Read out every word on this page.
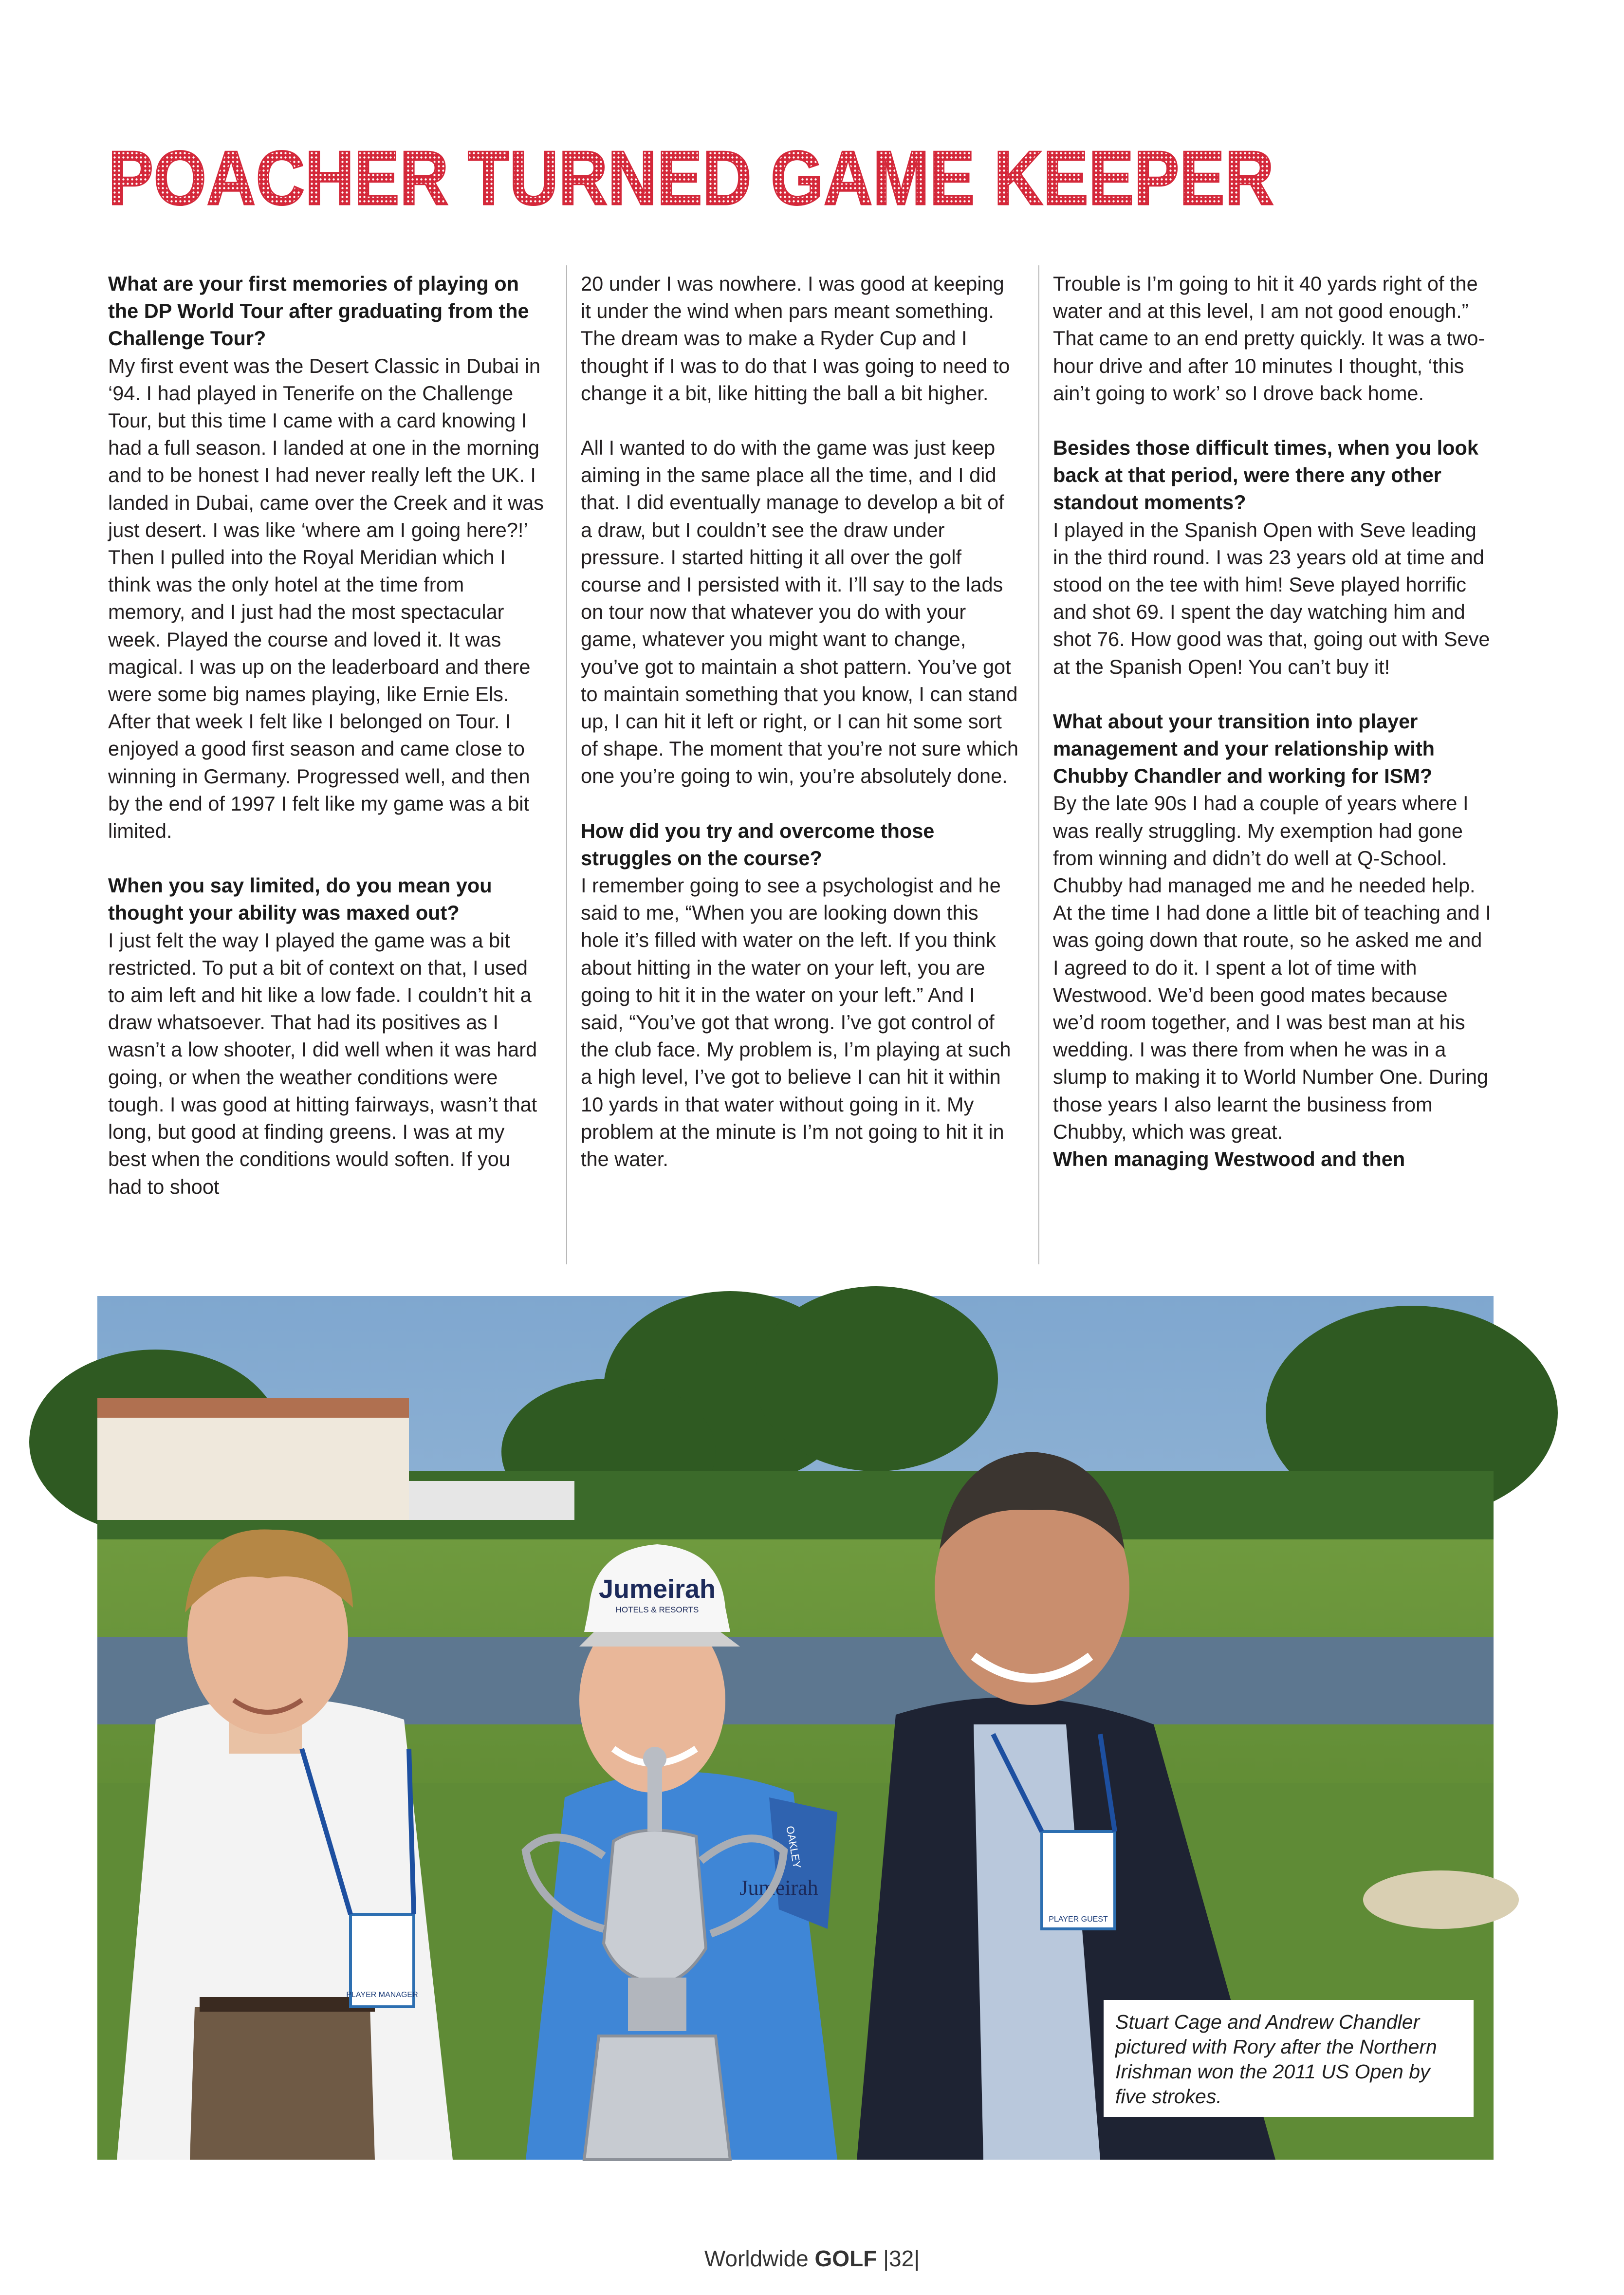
POACHER TURNED GAME KEEPER

What are your first memories of playing on the DP World Tour after graduating from the Challenge Tour?

My first event was the Desert Classic in Dubai in ‘94. I had played in Tenerife on the Challenge Tour, but this time I came with a card knowing I had a full season. I landed at one in the morning and to be honest I had never really left the UK. I landed in Dubai, came over the Creek and it was just desert. I was like ‘where am I going here?!’ Then I pulled into the Royal Meridian which I think was the only hotel at the time from memory, and I just had the most spectacular week. Played the course and loved it. It was magical. I was up on the leaderboard and there were some big names playing, like Ernie Els. After that week I felt like I belonged on Tour. I enjoyed a good first season and came close to winning in Germany. Progressed well, and then by the end of 1997 I felt like my game was a bit limited.

When you say limited, do you mean you thought your ability was maxed out?

I just felt the way I played the game was a bit restricted. To put a bit of context on that, I used to aim left and hit like a low fade. I couldn’t hit a draw whatsoever. That had its positives as I wasn’t a low shooter, I did well when it was hard going, or when the weather conditions were tough. I was good at hitting fairways, wasn’t that long, but good at finding greens. I was at my best when the conditions would soften. If you had to shoot

20 under I was nowhere. I was good at keeping it under the wind when pars meant something. The dream was to make a Ryder Cup and I thought if I was to do that I was going to need to change it a bit, like hitting the ball a bit higher.

All I wanted to do with the game was just keep aiming in the same place all the time, and I did that. I did eventually manage to develop a bit of a draw, but I couldn’t see the draw under pressure. I started hitting it all over the golf course and I persisted with it. I’ll say to the lads on tour now that whatever you do with your game, whatever you might want to change, you’ve got to maintain a shot pattern. You’ve got to maintain something that you know, I can stand up, I can hit it left or right, or I can hit some sort of shape. The moment that you’re not sure which one you’re going to win, you’re absolutely done.

How did you try and overcome those struggles on the course?

I remember going to see a psychologist and he said to me, “When you are looking down this hole it’s filled with water on the left. If you think about hitting in the water on your left, you are going to hit it in the water on your left.” And I said, “You’ve got that wrong. I’ve got control of the club face. My problem is, I’m playing at such a high level, I’ve got to believe I can hit it within 10 yards in that water without going in it. My problem at the minute is I’m not going to hit it in the water.

Trouble is I’m going to hit it 40 yards right of the water and at this level, I am not good enough.” That came to an end pretty quickly. It was a two-hour drive and after 10 minutes I thought, ‘this ain’t going to work’ so I drove back home.

Besides those difficult times, when you look back at that period, were there any other standout moments?

I played in the Spanish Open with Seve leading in the third round. I was 23 years old at time and stood on the tee with him! Seve played horrific and shot 69. I spent the day watching him and shot 76. How good was that, going out with Seve at the Spanish Open! You can’t buy it!

What about your transition into player management and your relationship with Chubby Chandler and working for ISM?

By the late 90s I had a couple of years where I was really struggling. My exemption had gone from winning and didn’t do well at Q-School. Chubby had managed me and he needed help. At the time I had done a little bit of teaching and I was going down that route, so he asked me and I agreed to do it. I spent a lot of time with Westwood. We’d been good mates because we’d room together, and I was best man at his wedding. I was there from when he was in a slump to making it to World Number One. During those years I also learnt the business from Chubby, which was great.

When managing Westwood and then

PLAYER MANAGER
PLAYER GUEST
Jumeirah
HOTELS & RESORTS
Jumeirah
OAKLEY
Stuart Cage and Andrew Chandler pictured with Rory after the Northern Irishman won the 2011 US Open by five strokes.
Worldwide GOLF |32|
